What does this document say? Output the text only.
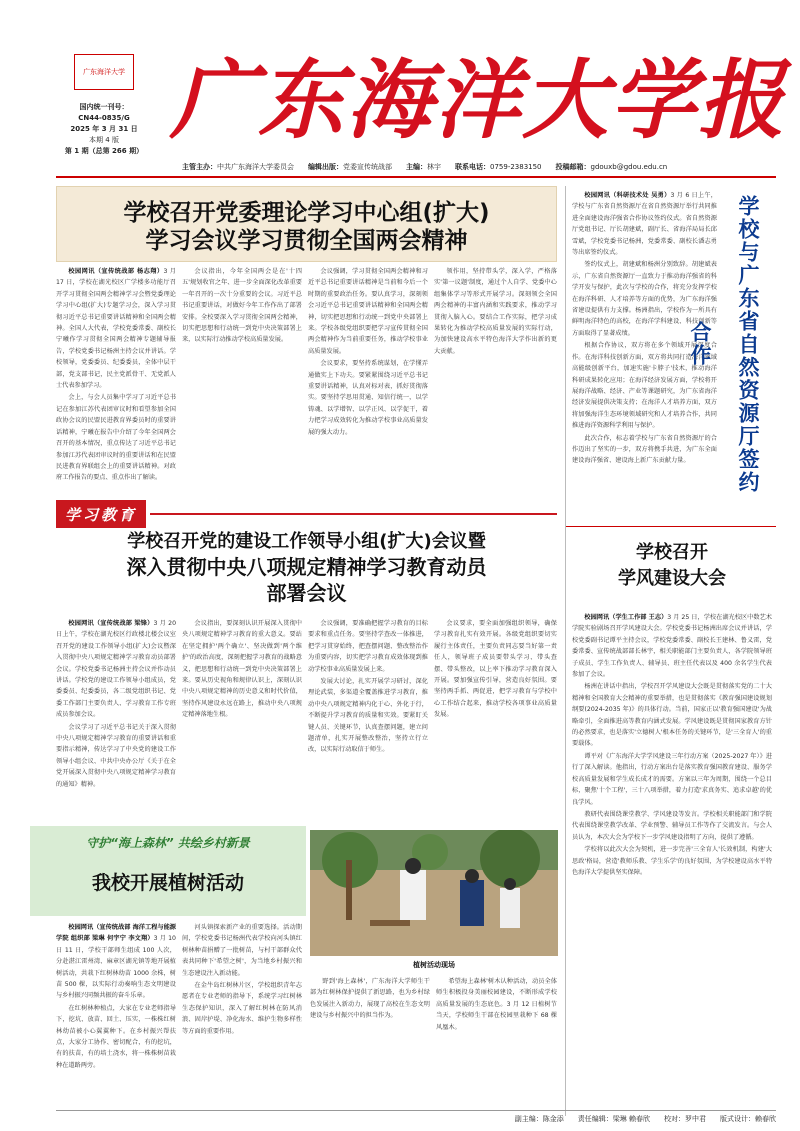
广东海洋大学
国内统一刊号：
CN44-0835/G
2025 年 3 月 31 日
本期 4 版
第 1 期（总第 266 期） 广东海洋大学报
主管主办：中共广东海洋大学委员会 编辑出版：党委宣传统战部 主编：林宇 联系电话：0759-2383150 投稿邮箱：gdouxb@gdou.edu.cn
学校召开党委理论学习中心组(扩大)
学习会议学习贯彻全国两会精神

校园网讯（宣传统战部 杨志翔）3 月 17 日，学校在湖光校区广学楼多功能厅召开学习贯彻全国两会精神学习会暨党委理论学习中心组(扩大)专题学习会，深入学习贯彻习近平总书记重要讲话精神和全国两会精神。全国人大代表，学校党委常委、副校长宁曦作学习贯彻全国两会精神专题辅导报告，学校党委书记杨洲主持会议并讲话。学校领导，党委委员、纪委委员，全体中层干部，党支部书记，民主党派骨干、无党派人士代表参加学习。

会上，与会人员集中学习了习近平总书记在参加江苏代表团审议时和看望参加全国政协会议的民盟民进教育界委员时的重要讲话精神，宁曦在报告中介绍了今年全国两会召开的基本情况，重点传达了习近平总书记参加江苏代表团审议时的重要讲话和在民盟民进教育界联组会上的重要讲话精神。对政府工作报告的要点、重点作出了解读。

会议指出，今年全国两会是在'十四五'规划收官之年、进一步全面深化改革重要一年召开的一次十分重要的会议。习近平总书记重要讲话，对做好今年工作作出了部署安排。全校要深入学习贯彻全国两会精神，切实把思想和行动统一到党中央决策部署上来，以实际行动推动学校高质量发展。

会议强调，学习贯彻全国两会精神和习近平总书记重要讲话精神是当前和今后一个时期的重要政治任务。要认真学习，深刻领会习近平总书记重要讲话精神和全国两会精神，切实把思想和行动统一到党中央部署上来。学校各级党组织要把学习宣传贯彻全国两会精神作为当前重要任务，推动学校事业高质量发展。

会议要求，要坚持系统谋划，在学懂弄通做实上下功夫。要紧紧围绕习近平总书记重要讲话精神，认真对标对表，抓好贯彻落实。要坚持学思用贯通、知信行统一，以学铸魂、以学增智、以学正风、以学促干，着力把学习成效转化为推动学校事业高质量发展的强大动力。

领作用，坚持带头学，深入学，严格落实'第一议题'制度，通过个人自学、党委中心组集体学习等形式开展学习。深刻领会全国两会精神的丰富内涵和实践要求，推动学习贯彻入脑入心。要结合工作实际，把学习成果转化为推动学校高质量发展的实际行动，为加快建设高水平特色海洋大学作出新的更大贡献。

校园网讯（科研技术处 吴勇）3 月 6 日上午，学校与广东省自然资源厅在省自然资源厅举行共同推进全面建设海洋强省合作协议签约仪式。省自然资源厅党组书记、厅长胡建斌，副厅长、省海洋局局长邱雪斌，学校党委书记杨洲，党委常委、副校长潘志勇等出席签约仪式。

签约仪式上，胡建斌和杨洲分别致辞。胡建斌表示，广东省自然资源厅一直致力于推动海洋强省的科学开发与保护，此次与学校的合作，将充分发挥学校在海洋科研、人才培养等方面的优势，为广东海洋强省建设提供有力支撑。杨洲指出，学校作为一所具有鲜明海洋特色的高校，在海洋学科建设、科技创新等方面取得了显著成绩。

根据合作协议，双方将在多个领域开展深度合作。在海洋科技创新方面，双方将共同打造海洋领域高能级创新平台，加速实施'卡脖子'技术，推动海洋科研成果转化应用；在海洋经济发展方面，学校将开展海洋战略、经济、产业等课题研究，为广东省海洋经济发展提供决策支持；在海洋人才培养方面，双方将加强海洋生态环境领域研究和人才培养合作，共同推进海洋资源科学利用与保护。

此次合作，标志着学校与广东省自然资源厅的合作迈出了坚实的一步，双方将携手共进，为广东全面建设海洋强省、建设海上新广东贡献力量。	学校与广东省自然资源厅签约合作
学习教育
学校召开党的建设工作领导小组(扩大)会议暨
深入贯彻中央八项规定精神学习教育动员
部署会议

校园网讯（宣传统战部 梁锋）3 月 20 日上午，学校在湖光校区行政楼北楼会议室召开党的建设工作领导小组(扩大)会议暨深入贯彻中央八项规定精神学习教育动员部署会议。学校党委书记杨洲主持会议并作动员讲话。学校党的建设工作领导小组成员，党委委员、纪委委员，各二级党组织书记、党委工作部门主要负责人、学习教育工作专班成员参加会议。

会议学习了习近平总书记关于深入贯彻中央八项规定精神学习教育的重要讲话和重要指示精神，传达学习了中央党的建设工作领导小组会议、中共中央办公厅《关于在全党开展深入贯彻中央八项规定精神学习教育的通知》精神。

会议指出，要深刻认识开展深入贯彻中央八项规定精神学习教育的重大意义。要站在坚定拥护'两个确立'、坚决做到'两个维护'的政治高度，深刻把握学习教育的战略意义，把思想和行动统一到党中央决策部署上来。要从历史视角和规律认识上，深刻认识中央八项规定精神的历史意义和时代价值，坚持作风建设永远在路上，推动中央八项规定精神落地生根。

会议强调，要准确把握学习教育的目标要求和重点任务。要坚持学查改一体推进，把学习贯穿始终，把查摆问题、整改整治作为重要内容，切实把学习教育成效体现到推动学校事业高质量发展上来。

发展大讨论，扎实开展学习研讨，深化理论武装，多渠道全覆盖推进学习教育，推动中央八项规定精神内化于心、外化于行，不断提升学习教育的质量和实效。要紧盯关键人员、关键环节，认真查摆问题，建立问题清单，扎实开展整改整治，坚持立行立改，以实际行动取信于师生。

会议要求，要全面加强组织领导，确保学习教育扎实有效开展。各级党组织要切实履行主体责任，主要负责同志要当好第一责任人，领导班子成员要带头学习、带头查摆、带头整改，以上率下推动学习教育深入开展。要加强宣传引导，营造良好氛围。要坚持两手抓、两促进，把学习教育与学校中心工作结合起来，推动学校各项事业高质量发展。

学校召开
学风建设大会

校园网讯（学生工作部 王志）3 月 25 日，学校在湖光校区中数艺术学院实验剧场召开学风建设大会。学校党委书记杨洲出席会议并讲话，学校党委副书记谭平主持会议，学校党委常委、副校长王建林、鲁义雷，党委常委、宣传统战部部长林宇，相关职能部门主要负责人，各学院领导班子成员、学生工作负责人、辅导员、班主任代表以及 400 余名学生代表参加了会议。

杨洲在讲话中指出，学校召开学风建设大会既是贯彻落实党的二十大精神和全国教育大会精神的重要举措，也是贯彻落实《教育强国建设规划纲要(2024-2035 年)》的具体行动。当前，国家正以'教育强国建设'为战略牵引，全面推进高等教育内涵式发展。学风建设既是贯彻国家教育方针的必然要求，也是落实'立德树人'根本任务的关键环节，是'三全育人'的重要载体。

谭平对《广东海洋大学学风建设三年行动方案（2025-2027 年）》进行了深入解读。他指出，行动方案出台是落实教育强国教育建设、服务学校高质量发展和学生成长成才的需要。方案以三年为周期，围绕一个总目标，聚焦'十个工程'，三十八项举措，着力打造'求真务实、追求卓越'的优良学风。

教研代表围绕课堂教学、学风建设等发言。学校相关职能部门和学院代表围绕课堂教学改革、学业预警、辅导员工作等作了交流发言。与会人员认为，本次大会为学校下一步学风建设指明了方向，提供了遵循。

学校将以此次大会为契机，进一步完善'三全育人'长效机制，构建'大思政'格局，营造'教师乐教、学生乐学'的良好氛围，为学校建设高水平特色海洋大学提供坚实保障。

守护“海上森林” 共绘乡村新景
我校开展植树活动

校园网讯（宣传统战部 海洋工程与能源学院 组织部 梁琳 何宇宁 李文翔）3 月 10 日 11 日，学校干部师生组成 100 人次，分赴湛江雷州湾、麻章区湖光镇等地开展植树活动，共栽下红树林幼苗 1000 余株，树苗 500 棵，以实际行动奏响生态文明建设与乡村振兴同频共振的奋斗乐章。

在红树林种植点，大家在专业老师指导下，挖坑、放苗、回土、压实，一株株红树林幼苗被小心翼翼种下。在乡村振兴帮扶点，大家分工协作、密切配合，有的挖坑，有的扶苗，有的培土浇水，将一株株树苗栽种在道路两旁。

河头镇探索新产业的重要选择。活动期间，学校党委书记杨洲代表学校向河头镇红树林种苗捐赠了一批树苗，与村干部群众代表共同种下'希望之树'，为当地乡村振兴和生态建设注入新动能。

在金牛岛红树林片区，学校组织青年志愿者在专业老师的指导下，系统学习红树林生态保护知识，深入了解红树林在防风消浪、固岸护堤、净化海水、维护生物多样性等方面的重要作用。

植树活动现场

野到'海上森林'，广东海洋大学师生干部为红树林保护提供了新思路，也为乡村绿色发展注入新动力，展现了高校在生态文明建设与乡村振兴中的担当作为。

希望海上森林'树木认种活动，动员全体师生积极投身美丽校园建设，不断形成学校高质量发展的生态底色。3 月 12 日植树节当天，学校师生干部在校园里栽种下 68 棵风凰木。

副主编：陈金添 责任编辑：梁琳 赖春欣 校对：罗中君 版式设计：赖春欣
